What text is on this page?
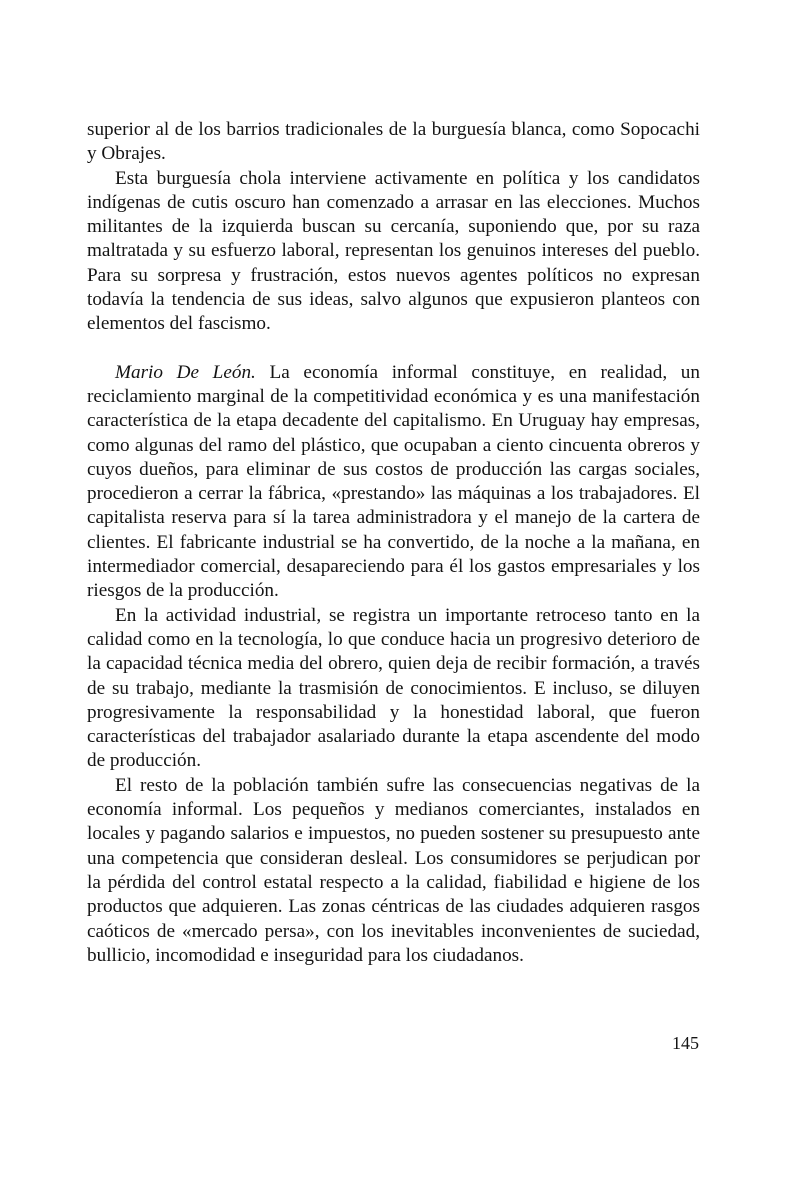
superior al de los barrios tradicionales de la burguesía blanca, como Sopocachi y Obrajes.

Esta burguesía chola interviene activamente en política y los candidatos indígenas de cutis oscuro han comenzado a arrasar en las elecciones. Muchos militantes de la izquierda buscan su cercanía, suponiendo que, por su raza maltratada y su esfuerzo laboral, representan los genuinos intereses del pueblo. Para su sorpresa y frustración, estos nuevos agentes políticos no expresan todavía la tendencia de sus ideas, salvo algunos que expusieron planteos con elementos del fascismo.

Mario De León. La economía informal constituye, en realidad, un reciclamiento marginal de la competitividad económica y es una manifestación característica de la etapa decadente del capitalismo. En Uruguay hay empresas, como algunas del ramo del plástico, que ocupaban a ciento cincuenta obreros y cuyos dueños, para eliminar de sus costos de producción las cargas sociales, procedieron a cerrar la fábrica, «prestando» las máquinas a los trabajadores. El capitalista reserva para sí la tarea administradora y el manejo de la cartera de clientes. El fabricante industrial se ha convertido, de la noche a la mañana, en intermediador comercial, desapareciendo para él los gastos empresariales y los riesgos de la producción.

En la actividad industrial, se registra un importante retroceso tanto en la calidad como en la tecnología, lo que conduce hacia un progresivo deterioro de la capacidad técnica media del obrero, quien deja de recibir formación, a través de su trabajo, mediante la trasmisión de conocimientos. E incluso, se diluyen progresivamente la responsabilidad y la honestidad laboral, que fueron características del trabajador asalariado durante la etapa ascendente del modo de producción.

El resto de la población también sufre las consecuencias negativas de la economía informal. Los pequeños y medianos comerciantes, instalados en locales y pagando salarios e impuestos, no pueden sostener su presupuesto ante una competencia que consideran desleal. Los consumidores se perjudican por la pérdida del control estatal respecto a la calidad, fiabilidad e higiene de los productos que adquieren. Las zonas céntricas de las ciudades adquieren rasgos caóticos de «mercado persa», con los inevitables inconvenientes de suciedad, bullicio, incomodidad e inseguridad para los ciudadanos.

145
